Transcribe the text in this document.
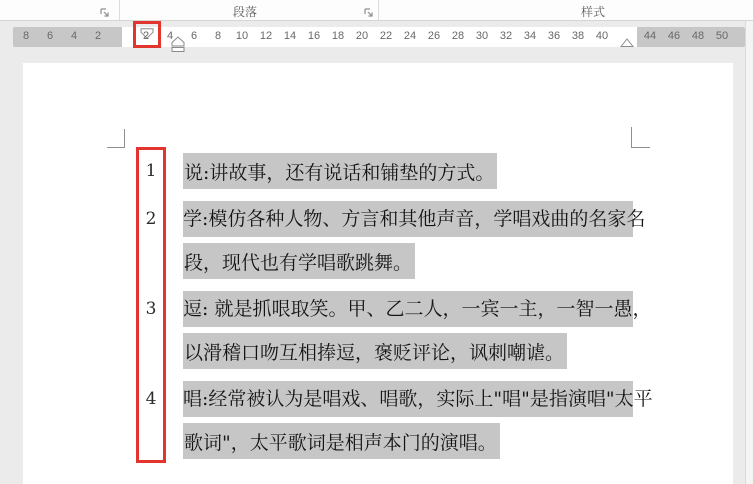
段落	样式
8	6	4	2	2	4	6	8	10	12	14	16	18	20	22	24	26	28	30	32	34	36	38	40	44	46	48	50
1	说:讲故事，还有说话和铺垫的方式。
2	学:模仿各种人物、方言和其他声音，学唱戏曲的名家名
段，现代也有学唱歌跳舞。
3	逗: 就是抓哏取笑。甲、乙二人，一宾一主，一智一愚，
以滑稽口吻互相捧逗，褒贬评论，讽刺嘲谑。
4	唱:经常被认为是唱戏、唱歌，实际上"唱"是指演唱"太平
歌词"，太平歌词是相声本门的演唱。
